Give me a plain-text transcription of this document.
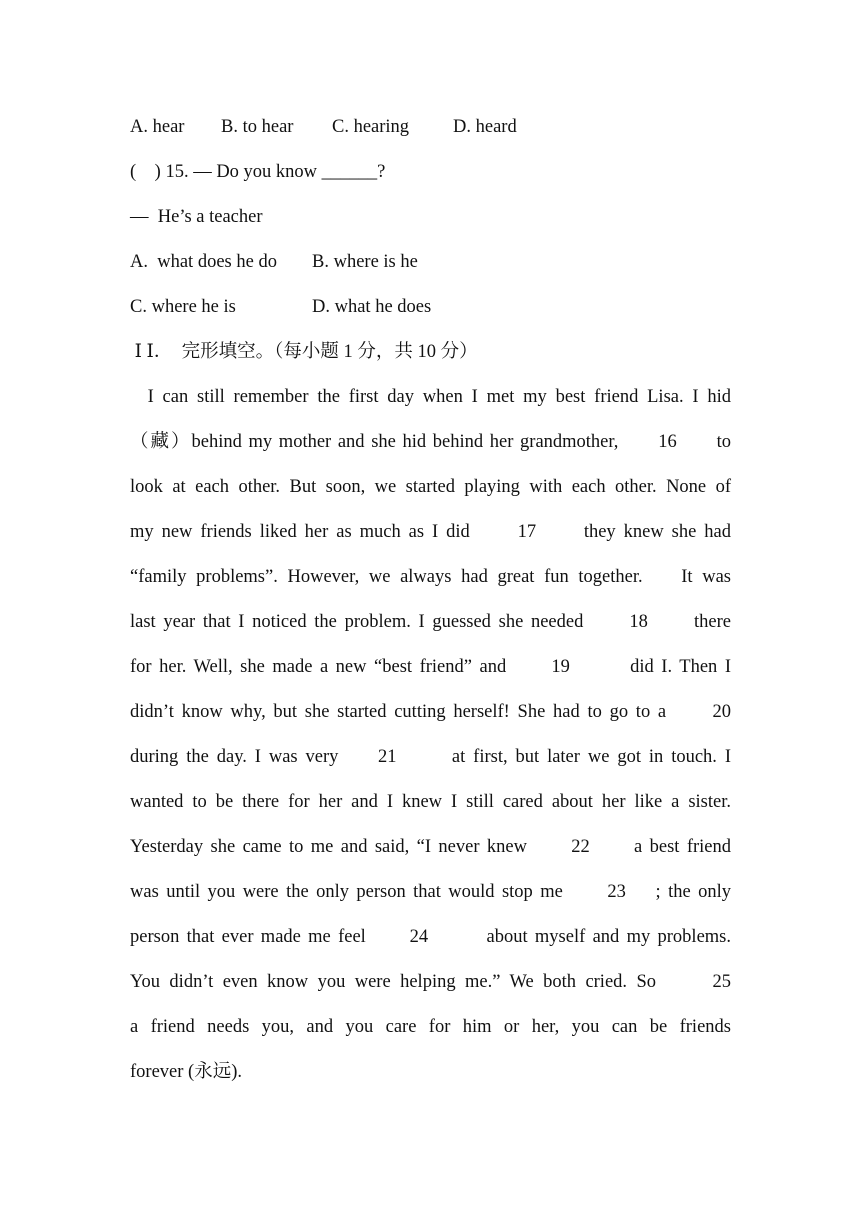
A. hear B. to hear C. hearing D. heard
(    ) 15. — Do you know ______?
—  He’s a teacher
A.  what does he do B. where is he
C. where he is	D. what he does
Ⅰ Ⅰ．  完形填空。（每小题 1 分，共 10 分）
I can still remember the first day when I met my best friend Lisa. I hid
（藏）behind my mother and she hid behind her grandmother,      16      to
look at each other. But soon, we started playing with each other. None of
my new friends liked her as much as I did      17      they knew she had
“family problems”. However, we always had great fun together.    It was
last year that I noticed the problem. I guessed she needed      18      there
for her. Well, she made a new “best friend” and      19        did I. Then I
didn’t know why, but she started cutting herself! She had to go to a      20
during the day. I was very     21       at first, but later we got in touch. I
wanted to be there for her and I knew I still cared about her like a sister.
Yesterday she came to me and said, “I never knew      22      a best friend
was until you were the only person that would stop me      23    ; the only
person that ever made me feel      24        about myself and my problems.
You didn’t even know you were helping me.” We both cried. So      25
a friend needs you, and you care for him or her, you can be friends
forever (永远).
